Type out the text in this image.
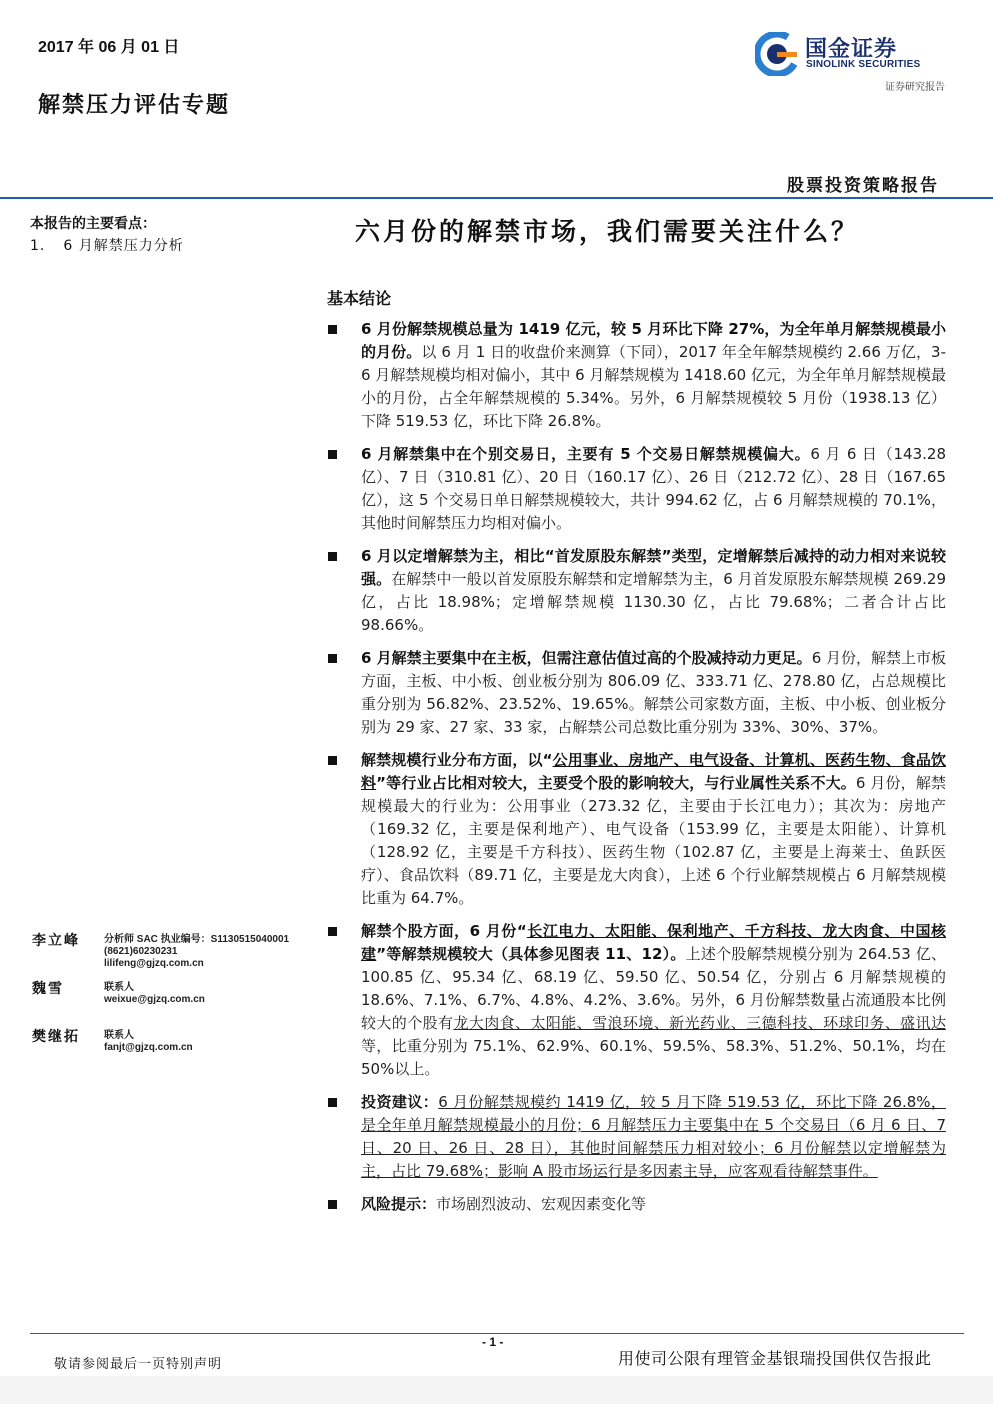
2017 年 06 月 01 日
解禁压力评估专题
国金证券
SINOLINK SECURITIES
证券研究报告
股票投资策略报告
本报告的主要看点：
1. 6 月解禁压力分析	六月份的解禁市场，我们需要关注什么？
基本结论
6 月份解禁规模总量为 1419 亿元，较 5 月环比下降 27%，为全年单月解禁规模最小的月份。以 6 月 1 日的收盘价来测算（下同），2017 年全年解禁规模约 2.66 万亿，3-6 月解禁规模均相对偏小，其中 6 月解禁规模为 1418.60 亿元，为全年单月解禁规模最小的月份，占全年解禁规模的 5.34%。另外，6 月解禁规模较 5 月份（1938.13 亿）下降 519.53 亿，环比下降 26.8%。
6 月解禁集中在个别交易日，主要有 5 个交易日解禁规模偏大。6 月 6 日（143.28 亿）、7 日（310.81 亿）、20 日（160.17 亿）、26 日（212.72 亿）、28 日（167.65 亿），这 5 个交易日单日解禁规模较大，共计 994.62 亿，占 6 月解禁规模的 70.1%，其他时间解禁压力均相对偏小。
6 月以定增解禁为主，相比“首发原股东解禁”类型，定增解禁后减持的动力相对来说较强。在解禁中一般以首发原股东解禁和定增解禁为主，6 月首发原股东解禁规模 269.29 亿，占比 18.98%；定增解禁规模 1130.30 亿，占比 79.68%；二者合计占比 98.66%。
6 月解禁主要集中在主板，但需注意估值过高的个股减持动力更足。6 月份，解禁上市板方面，主板、中小板、创业板分别为 806.09 亿、333.71 亿、278.80 亿，占总规模比重分别为 56.82%、23.52%、19.65%。解禁公司家数方面，主板、中小板、创业板分别为 29 家、27 家、33 家，占解禁公司总数比重分别为 33%、30%、37%。
解禁规模行业分布方面，以“公用事业、房地产、电气设备、计算机、医药生物、食品饮料”等行业占比相对较大，主要受个股的影响较大，与行业属性关系不大。6 月份，解禁规模最大的行业为：公用事业（273.32 亿，主要由于长江电力）；其次为：房地产（169.32 亿，主要是保利地产）、电气设备（153.99 亿，主要是太阳能）、计算机（128.92 亿，主要是千方科技）、医药生物（102.87 亿，主要是上海莱士、鱼跃医疗）、食品饮料（89.71 亿，主要是龙大肉食），上述 6 个行业解禁规模占 6 月解禁规模比重为 64.7%。
解禁个股方面，6 月份“长江电力、太阳能、保利地产、千方科技、龙大肉食、中国核建”等解禁规模较大（具体参见图表 11、12）。上述个股解禁规模分别为 264.53 亿、100.85 亿、95.34 亿、68.19 亿、59.50 亿、50.54 亿，分别占 6 月解禁规模的 18.6%、7.1%、6.7%、4.8%、4.2%、3.6%。另外，6 月份解禁数量占流通股本比例较大的个股有龙大肉食、太阳能、雪浪环境、新光药业、三德科技、环球印务、盛讯达等，比重分别为 75.1%、62.9%、60.1%、59.5%、58.3%、51.2%、50.1%，均在 50%以上。
投资建议：6 月份解禁规模约 1419 亿，较 5 月下降 519.53 亿，环比下降 26.8%，是全年单月解禁规模最小的月份；6 月解禁压力主要集中在 5 个交易日（6 月 6 日、7 日、20 日、26 日、28 日），其他时间解禁压力相对较小；6 月份解禁以定增解禁为主，占比 79.68%；影响 A 股市场运行是多因素主导，应客观看待解禁事件。
风险提示：市场剧烈波动、宏观因素变化等
李立峰 分析师 SAC 执业编号：S1130515040001
(8621)60230231
lilifeng@gjzq.com.cn
魏雪	联系人
weixue@gjzq.com.cn
樊继拓 联系人
fanjt@gjzq.com.cn
- 1 -
敬请参阅最后一页特别声明	用使司公限有理管金基银瑞投国供仅告报此
